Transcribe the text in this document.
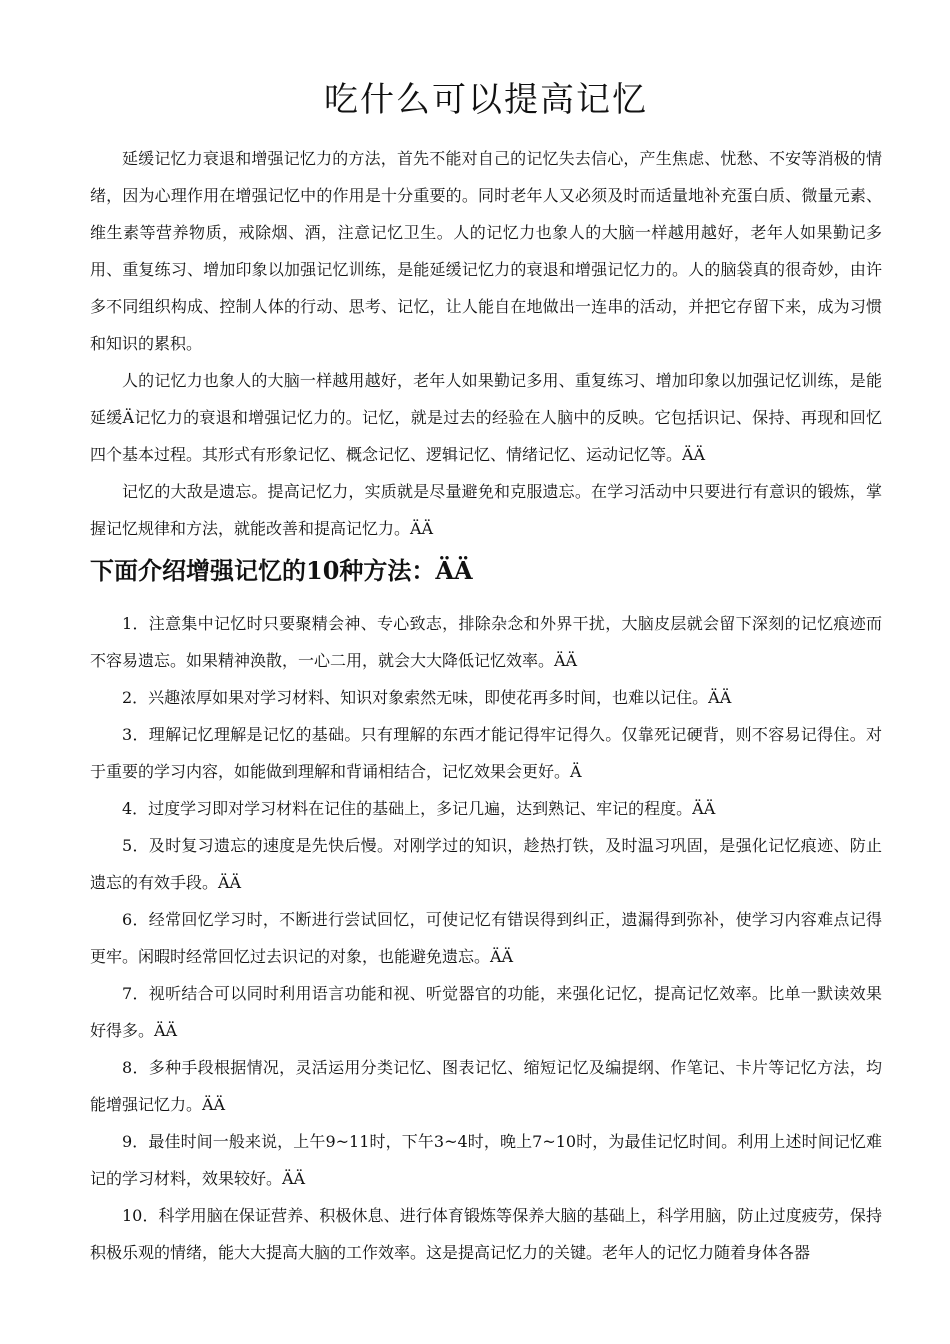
吃什么可以提高记忆

延缓记忆力衰退和增强记忆力的方法，首先不能对自己的记忆失去信心，产生焦虑、忧愁、不安等消极的情绪，因为心理作用在增强记忆中的作用是十分重要的。同时老年人又必须及时而适量地补充蛋白质、微量元素、维生素等营养物质，戒除烟、酒，注意记忆卫生。人的记忆力也象人的大脑一样越用越好，老年人如果勤记多用、重复练习、增加印象以加强记忆训练，是能延缓记忆力的衰退和增强记忆力的。人的脑袋真的很奇妙，由许多不同组织构成、控制人体的行动、思考、记忆，让人能自在地做出一连串的活动，并把它存留下来，成为习惯和知识的累积。

人的记忆力也象人的大脑一样越用越好，老年人如果勤记多用、重复练习、增加印象以加强记忆训练，是能延缓Ä记忆力的衰退和增强记忆力的。记忆，就是过去的经验在人脑中的反映。它包括识记、保持、再现和回忆四个基本过程。其形式有形象记忆、概念记忆、逻辑记忆、情绪记忆、运动记忆等。ÄÄ

记忆的大敌是遗忘。提高记忆力，实质就是尽量避免和克服遗忘。在学习活动中只要进行有意识的锻炼，掌握记忆规律和方法，就能改善和提高记忆力。ÄÄ

下面介绍增强记忆的10种方法：ÄÄ

1．注意集中记忆时只要聚精会神、专心致志，排除杂念和外界干扰，大脑皮层就会留下深刻的记忆痕迹而不容易遗忘。如果精神涣散，一心二用，就会大大降低记忆效率。ÄÄ

2．兴趣浓厚如果对学习材料、知识对象索然无味，即使花再多时间，也难以记住。ÄÄ

3．理解记忆理解是记忆的基础。只有理解的东西才能记得牢记得久。仅靠死记硬背，则不容易记得住。对于重要的学习内容，如能做到理解和背诵相结合，记忆效果会更好。Ä

4．过度学习即对学习材料在记住的基础上，多记几遍，达到熟记、牢记的程度。ÄÄ

5．及时复习遗忘的速度是先快后慢。对刚学过的知识，趁热打铁，及时温习巩固，是强化记忆痕迹、防止遗忘的有效手段。ÄÄ

6．经常回忆学习时，不断进行尝试回忆，可使记忆有错误得到纠正，遗漏得到弥补，使学习内容难点记得更牢。闲暇时经常回忆过去识记的对象，也能避免遗忘。ÄÄ

7．视听结合可以同时利用语言功能和视、听觉器官的功能，来强化记忆，提高记忆效率。比单一默读效果好得多。ÄÄ

8．多种手段根据情况，灵活运用分类记忆、图表记忆、缩短记忆及编提纲、作笔记、卡片等记忆方法，均能增强记忆力。ÄÄ

9．最佳时间一般来说，上午9~11时，下午3~4时，晚上7~10时，为最佳记忆时间。利用上述时间记忆难记的学习材料，效果较好。ÄÄ

10．科学用脑在保证营养、积极休息、进行体育锻炼等保养大脑的基础上，科学用脑，防止过度疲劳，保持积极乐观的情绪，能大大提高大脑的工作效率。这是提高记忆力的关键。老年人的记忆力随着身体各器
